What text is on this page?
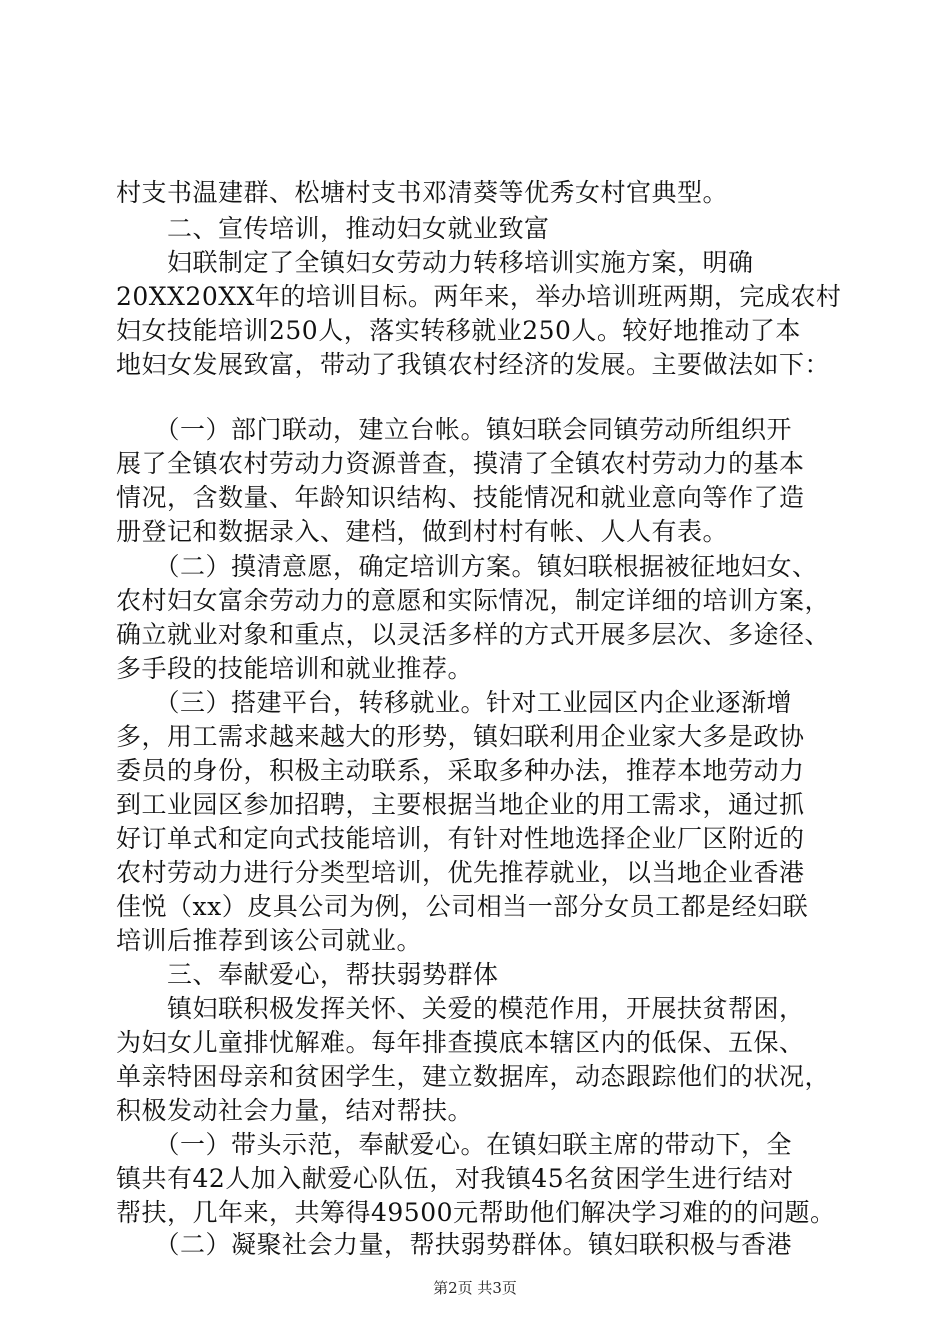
村支书温建群、松塘村支书邓清葵等优秀女村官典型。
　　二、宣传培训，推动妇女就业致富
　　妇联制定了全镇妇女劳动力转移培训实施方案，明确
20XX20XX年的培训目标。两年来，举办培训班两期，完成农村
妇女技能培训250人，落实转移就业250人。较好地推动了本
地妇女发展致富，带动了我镇农村经济的发展。主要做法如下：
　　（一）部门联动，建立台帐。镇妇联会同镇劳动所组织开
展了全镇农村劳动力资源普查，摸清了全镇农村劳动力的基本
情况，含数量、年龄知识结构、技能情况和就业意向等作了造
册登记和数据录入、建档，做到村村有帐、人人有表。
　　（二）摸清意愿，确定培训方案。镇妇联根据被征地妇女、
农村妇女富余劳动力的意愿和实际情况，制定详细的培训方案，
确立就业对象和重点，以灵活多样的方式开展多层次、多途径、
多手段的技能培训和就业推荐。
　　（三）搭建平台，转移就业。针对工业园区内企业逐渐增
多，用工需求越来越大的形势，镇妇联利用企业家大多是政协
委员的身份，积极主动联系，采取多种办法，推荐本地劳动力
到工业园区参加招聘，主要根据当地企业的用工需求，通过抓
好订单式和定向式技能培训，有针对性地选择企业厂区附近的
农村劳动力进行分类型培训，优先推荐就业，以当地企业香港
佳悦（xx）皮具公司为例，公司相当一部分女员工都是经妇联
培训后推荐到该公司就业。
　　三、奉献爱心，帮扶弱势群体
　　镇妇联积极发挥关怀、关爱的模范作用，开展扶贫帮困，
为妇女儿童排忧解难。每年排查摸底本辖区内的低保、五保、
单亲特困母亲和贫困学生，建立数据库，动态跟踪他们的状况，
积极发动社会力量，结对帮扶。
　　（一）带头示范，奉献爱心。在镇妇联主席的带动下，全
镇共有42人加入献爱心队伍，对我镇45名贫困学生进行结对
帮扶，几年来，共筹得49500元帮助他们解决学习难的的问题。
　　（二）凝聚社会力量，帮扶弱势群体。镇妇联积极与香港
第2页 共3页
